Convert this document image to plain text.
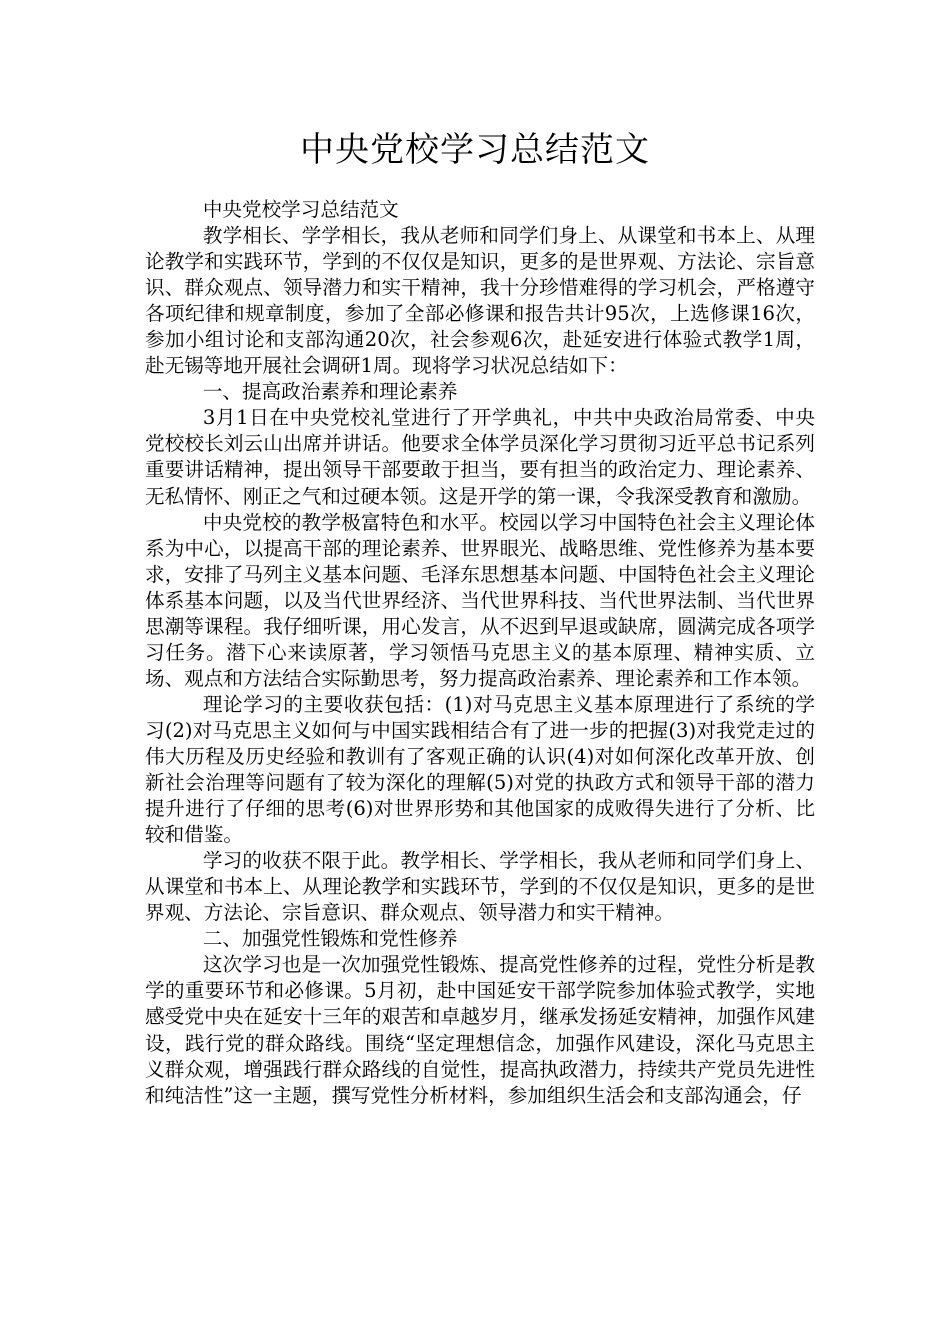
中央党校学习总结范文

中央党校学习总结范文

教学相长、学学相长，我从老师和同学们身上、从课堂和书本上、从理论教学和实践环节，学到的不仅仅是知识，更多的是世界观、方法论、宗旨意识、群众观点、领导潜力和实干精神，我十分珍惜难得的学习机会，严格遵守各项纪律和规章制度，参加了全部必修课和报告共计95次，上选修课16次，参加小组讨论和支部沟通20次，社会参观6次，赴延安进行体验式教学1周，赴无锡等地开展社会调研1周。现将学习状况总结如下：

一、提高政治素养和理论素养

3月1日在中央党校礼堂进行了开学典礼，中共中央政治局常委、中央党校校长刘云山出席并讲话。他要求全体学员深化学习贯彻习近平总书记系列重要讲话精神，提出领导干部要敢于担当，要有担当的政治定力、理论素养、无私情怀、刚正之气和过硬本领。这是开学的第一课，令我深受教育和激励。

中央党校的教学极富特色和水平。校园以学习中国特色社会主义理论体系为中心，以提高干部的理论素养、世界眼光、战略思维、党性修养为基本要求，安排了马列主义基本问题、毛泽东思想基本问题、中国特色社会主义理论体系基本问题，以及当代世界经济、当代世界科技、当代世界法制、当代世界思潮等课程。我仔细听课，用心发言，从不迟到早退或缺席，圆满完成各项学习任务。潜下心来读原著，学习领悟马克思主义的基本原理、精神实质、立场、观点和方法结合实际勤思考，努力提高政治素养、理论素养和工作本领。

理论学习的主要收获包括：(1)对马克思主义基本原理进行了系统的学习(2)对马克思主义如何与中国实践相结合有了进一步的把握(3)对我党走过的伟大历程及历史经验和教训有了客观正确的认识(4)对如何深化改革开放、创新社会治理等问题有了较为深化的理解(5)对党的执政方式和领导干部的潜力提升进行了仔细的思考(6)对世界形势和其他国家的成败得失进行了分析、比较和借鉴。

学习的收获不限于此。教学相长、学学相长，我从老师和同学们身上、从课堂和书本上、从理论教学和实践环节，学到的不仅仅是知识，更多的是世界观、方法论、宗旨意识、群众观点、领导潜力和实干精神。

二、加强党性锻炼和党性修养

这次学习也是一次加强党性锻炼、提高党性修养的过程，党性分析是教学的重要环节和必修课。5月初，赴中国延安干部学院参加体验式教学，实地感受党中央在延安十三年的艰苦和卓越岁月，继承发扬延安精神，加强作风建设，践行党的群众路线。围绕“坚定理想信念，加强作风建设，深化马克思主义群众观，增强践行群众路线的自觉性，提高执政潜力，持续共产党员先进性和纯洁性”这一主题，撰写党性分析材料，参加组织生活会和支部沟通会，仔
